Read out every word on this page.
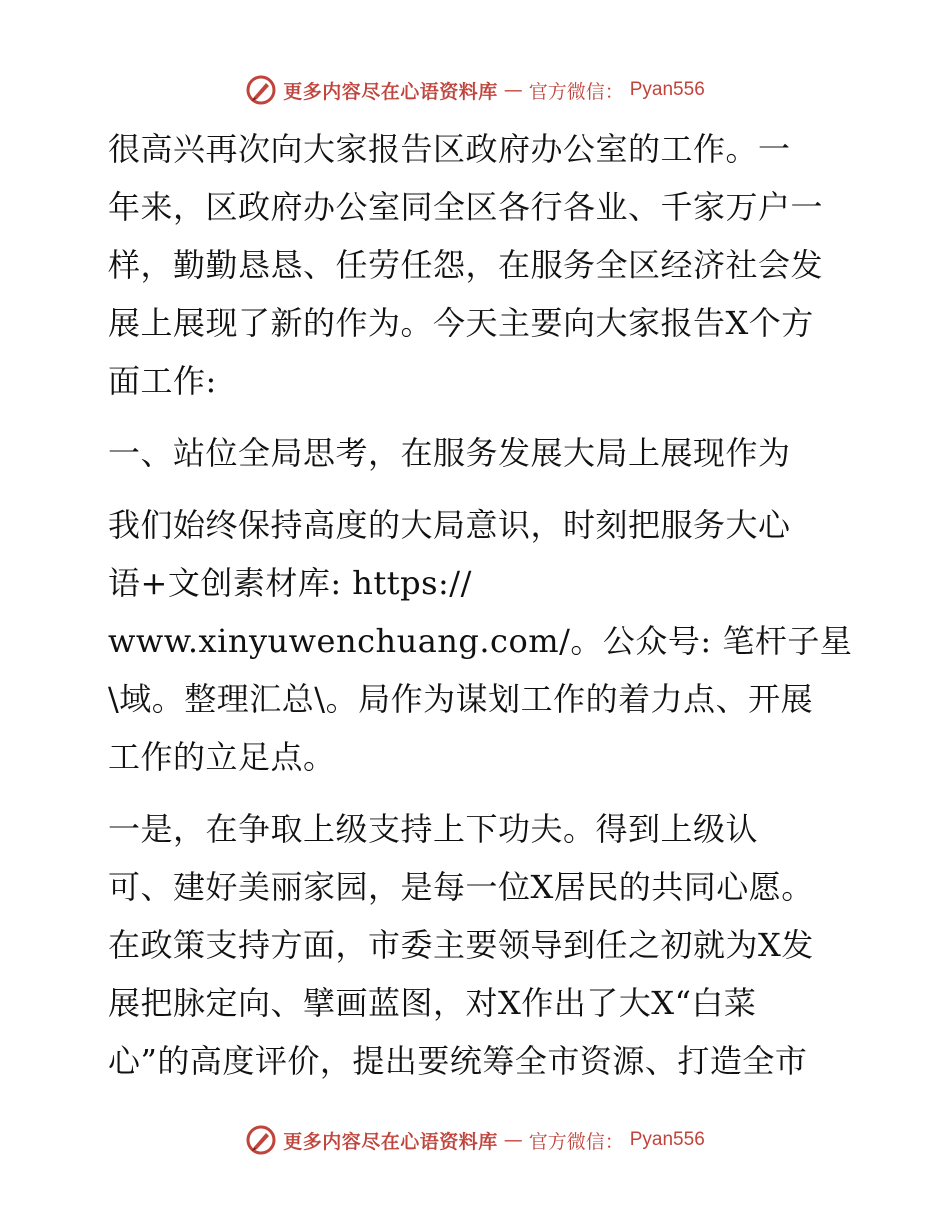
更多内容尽在心语资料库 — 官方微信： Pyan556
很高兴再次向大家报告区政府办公室的工作。一
年来，区政府办公室同全区各行各业、千家万户一
样，勤勤恳恳、任劳任怨，在服务全区经济社会发
展上展现了新的作为。今天主要向大家报告X个方
面工作:
一、站位全局思考，在服务发展大局上展现作为
我们始终保持高度的大局意识，时刻把服务大心
语+文创素材库: https://
www.xinyuwenchuang.com/。公众号: 笔杆子星
\域。整理汇总\。局作为谋划工作的着力点、开展
工作的立足点。
一是，在争取上级支持上下功夫。得到上级认
可、建好美丽家园，是每一位X居民的共同心愿。
在政策支持方面，市委主要领导到任之初就为X发
展把脉定向、擘画蓝图，对X作出了大X“白菜
心”的高度评价，提出要统筹全市资源、打造全市
更多内容尽在心语资料库 — 官方微信： Pyan556
